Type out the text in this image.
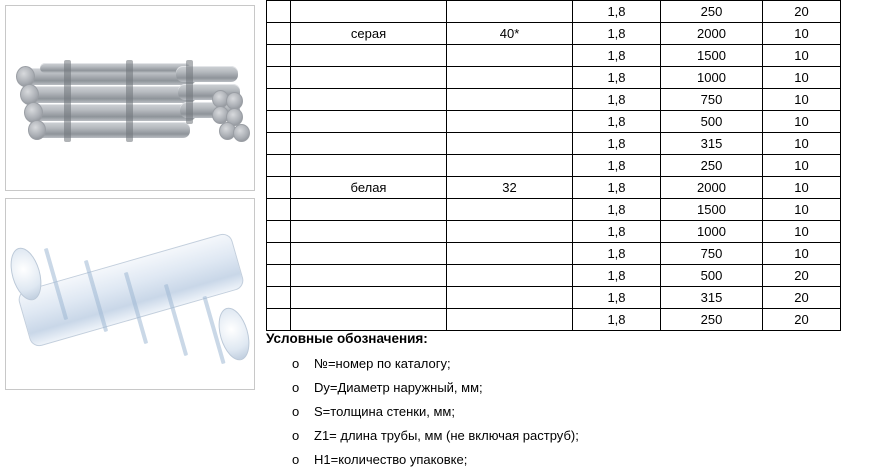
			1,8	250	20
	серая	40*	1,8	2000	10
			1,8	1500	10
			1,8	1000	10
			1,8	750	10
			1,8	500	10
			1,8	315	10
			1,8	250	10
	белая	32	1,8	2000	10
			1,8	1500	10
			1,8	1000	10
			1,8	750	10
			1,8	500	20
			1,8	315	20
			1,8	250	20

Условные обозначения:

o №=номер по каталогу;
o Dу=Диаметр наружный, мм;
o S=толщина стенки, мм;
o Z1= длина трубы, мм (не включая раструб);
o Н1=количество упаковке;
